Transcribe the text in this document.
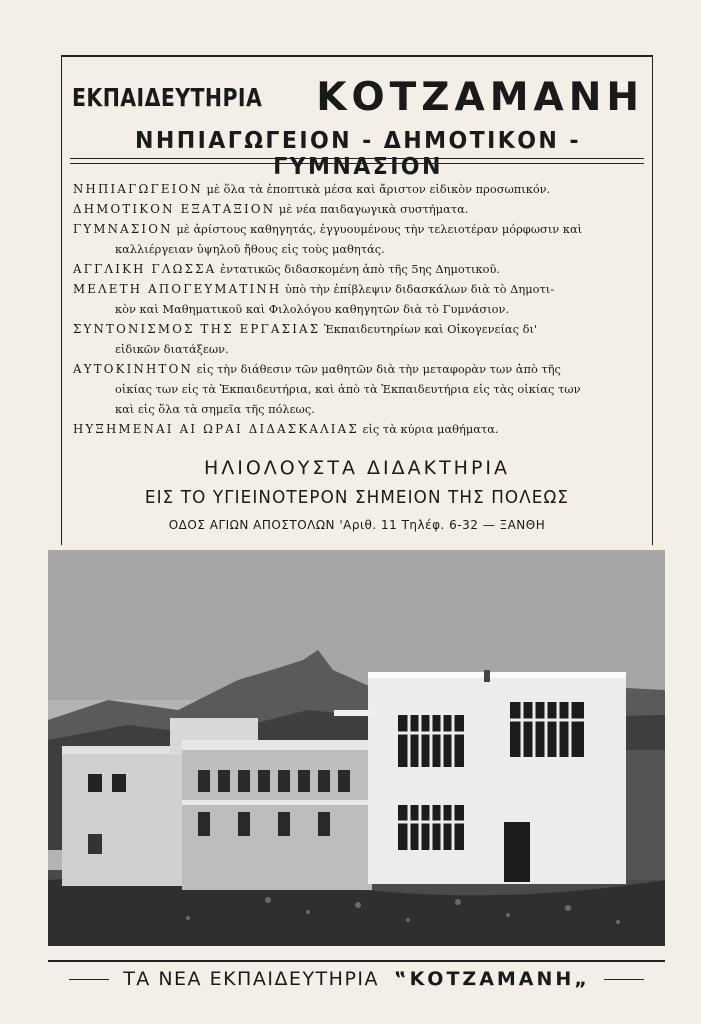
ΕΚΠΑΙΔΕΥΤΗΡΙΑ ΚΟΤΖΑΜΑΝΗ
ΝΗΠΙΑΓΩΓΕΙΟΝ - ΔΗΜΟΤΙΚΟΝ - ΓΥΜΝΑΣΙΟΝ

ΝΗΠΙΑΓΩΓΕΙΟΝ μὲ ὅλα τὰ ἐποπτικὰ μέσα καὶ ἄριστον εἰδικὸν προσωπικόν.

ΔΗΜΟΤΙΚΟΝ ΕΞΑΤΑΞΙΟΝ μὲ νέα παιδαγωγικὰ συστήματα.

ΓΥΜΝΑΣΙΟΝ μὲ ἀρίστους καθηγητάς, ἐγγυουμένους τὴν τελειοτέραν μόρφωσιν καὶ
καλλιέργειαν ὑψηλοῦ ἤθους εἰς τοὺς μαθητάς.

ΑΓΓΛΙΚΗ ΓΛΩΣΣΑ ἐντατικῶς διδασκομένη ἀπὸ τῆς 5ης Δημοτικοῦ.

ΜΕΛΕΤΗ ΑΠΟΓΕΥΜΑΤΙΝΗ ὑπὸ τὴν ἐπίβλεψιν διδασκάλων διὰ τὸ Δημοτι-
κὸν καὶ Μαθηματικοῦ καὶ Φιλολόγου καθηγητῶν διὰ τὸ Γυμνάσιον.

ΣΥΝΤΟΝΙΣΜΟΣ ΤΗΣ ΕΡΓΑΣΙΑΣ Ἐκπαιδευτηρίων καὶ Οἰκογενείας δι'
εἰδικῶν διατάξεων.

ΑΥΤΟΚΙΝΗΤΟΝ εἰς τὴν διάθεσιν τῶν μαθητῶν διὰ τὴν μεταφορὰν των ἀπὸ τῆς
οἰκίας των εἰς τὰ Ἐκπαιδευτήρια, καὶ ἀπὸ τὰ Ἐκπαιδευτήρια εἰς τὰς οἰκίας των
καὶ εἰς ὅλα τὰ σημεῖα τῆς πόλεως.

ΗΥΞΗΜΕΝΑΙ ΑΙ ΩΡΑΙ ΔΙΔΑΣΚΑΛΙΑΣ εἰς τὰ κύρια μαθήματα.

ΗΛΙΟΛΟΥΣΤΑ ΔΙΔΑΚΤΗΡΙΑ
ΕΙΣ ΤΟ ΥΓΙΕΙΝΟΤΕΡΟΝ ΣΗΜΕΙΟΝ ΤΗΣ ΠΟΛΕΩΣ
ΟΔΟΣ ΑΓΙΩΝ ΑΠΟΣΤΟΛΩΝ 'Αριθ. 11 Τηλέφ. 6-32 — ΞΑΝΘΗ
ΤΑ ΝΕΑ ΕΚΠΑΙΔΕΥΤΗΡΙΑ ‟ΚΟΤΖΑΜΑΝΗ„
